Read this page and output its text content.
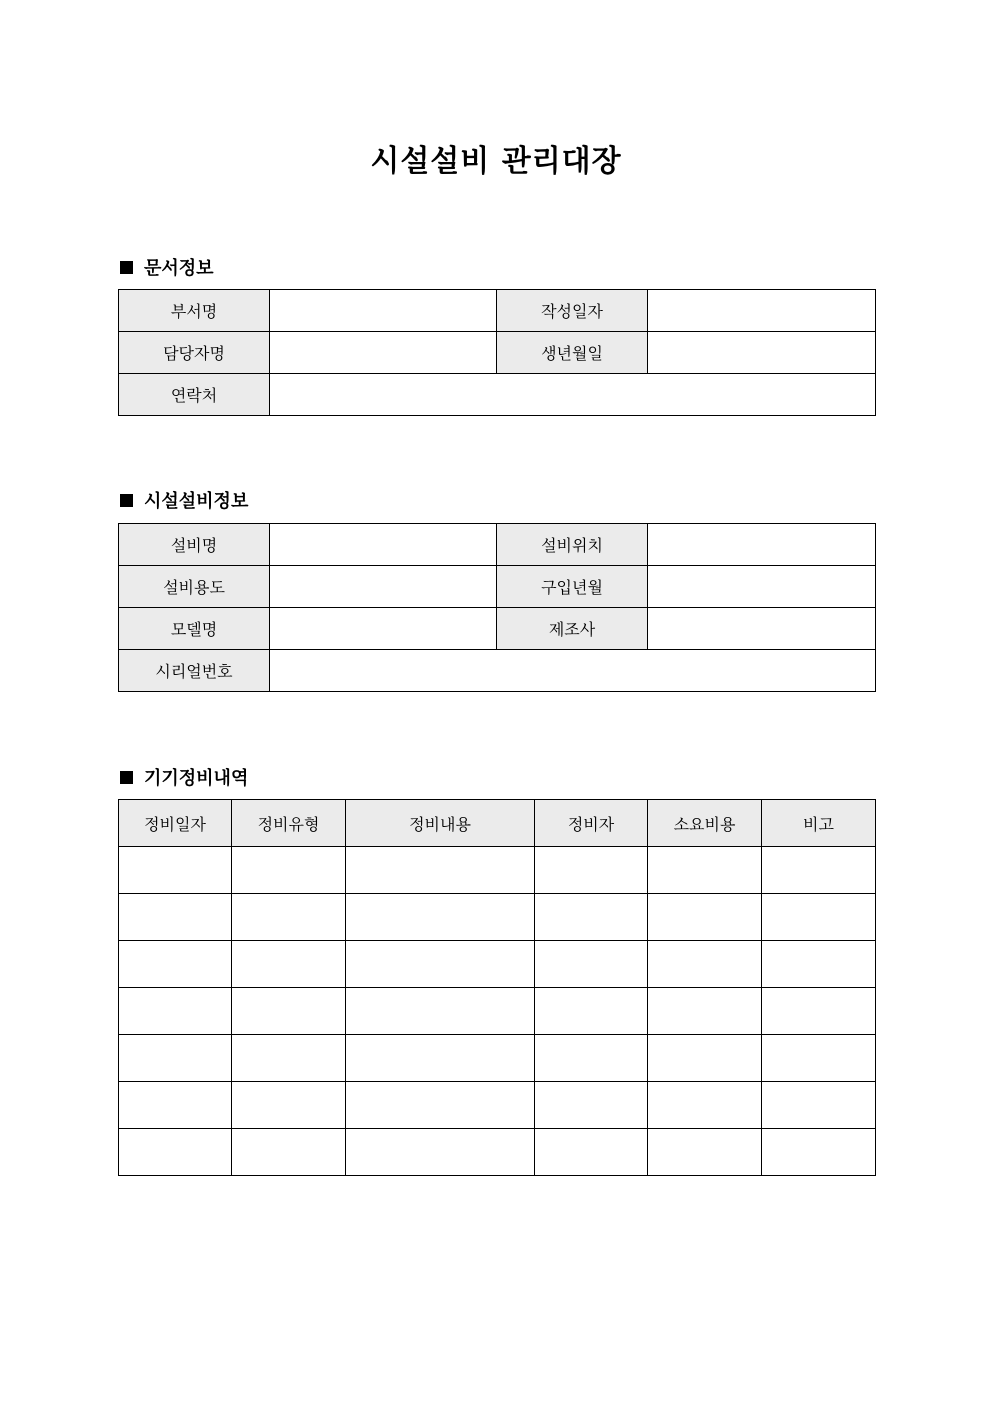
시설설비 관리대장
문서정보
부서명		작성일자	
담당자명		생년월일	
연락처			
시설설비정보
설비명		설비위치	
설비용도		구입년월	
모델명		제조사	
시리얼번호			
기기정비내역
정비일자	정비유형	정비내용	정비자	소요비용	비고
